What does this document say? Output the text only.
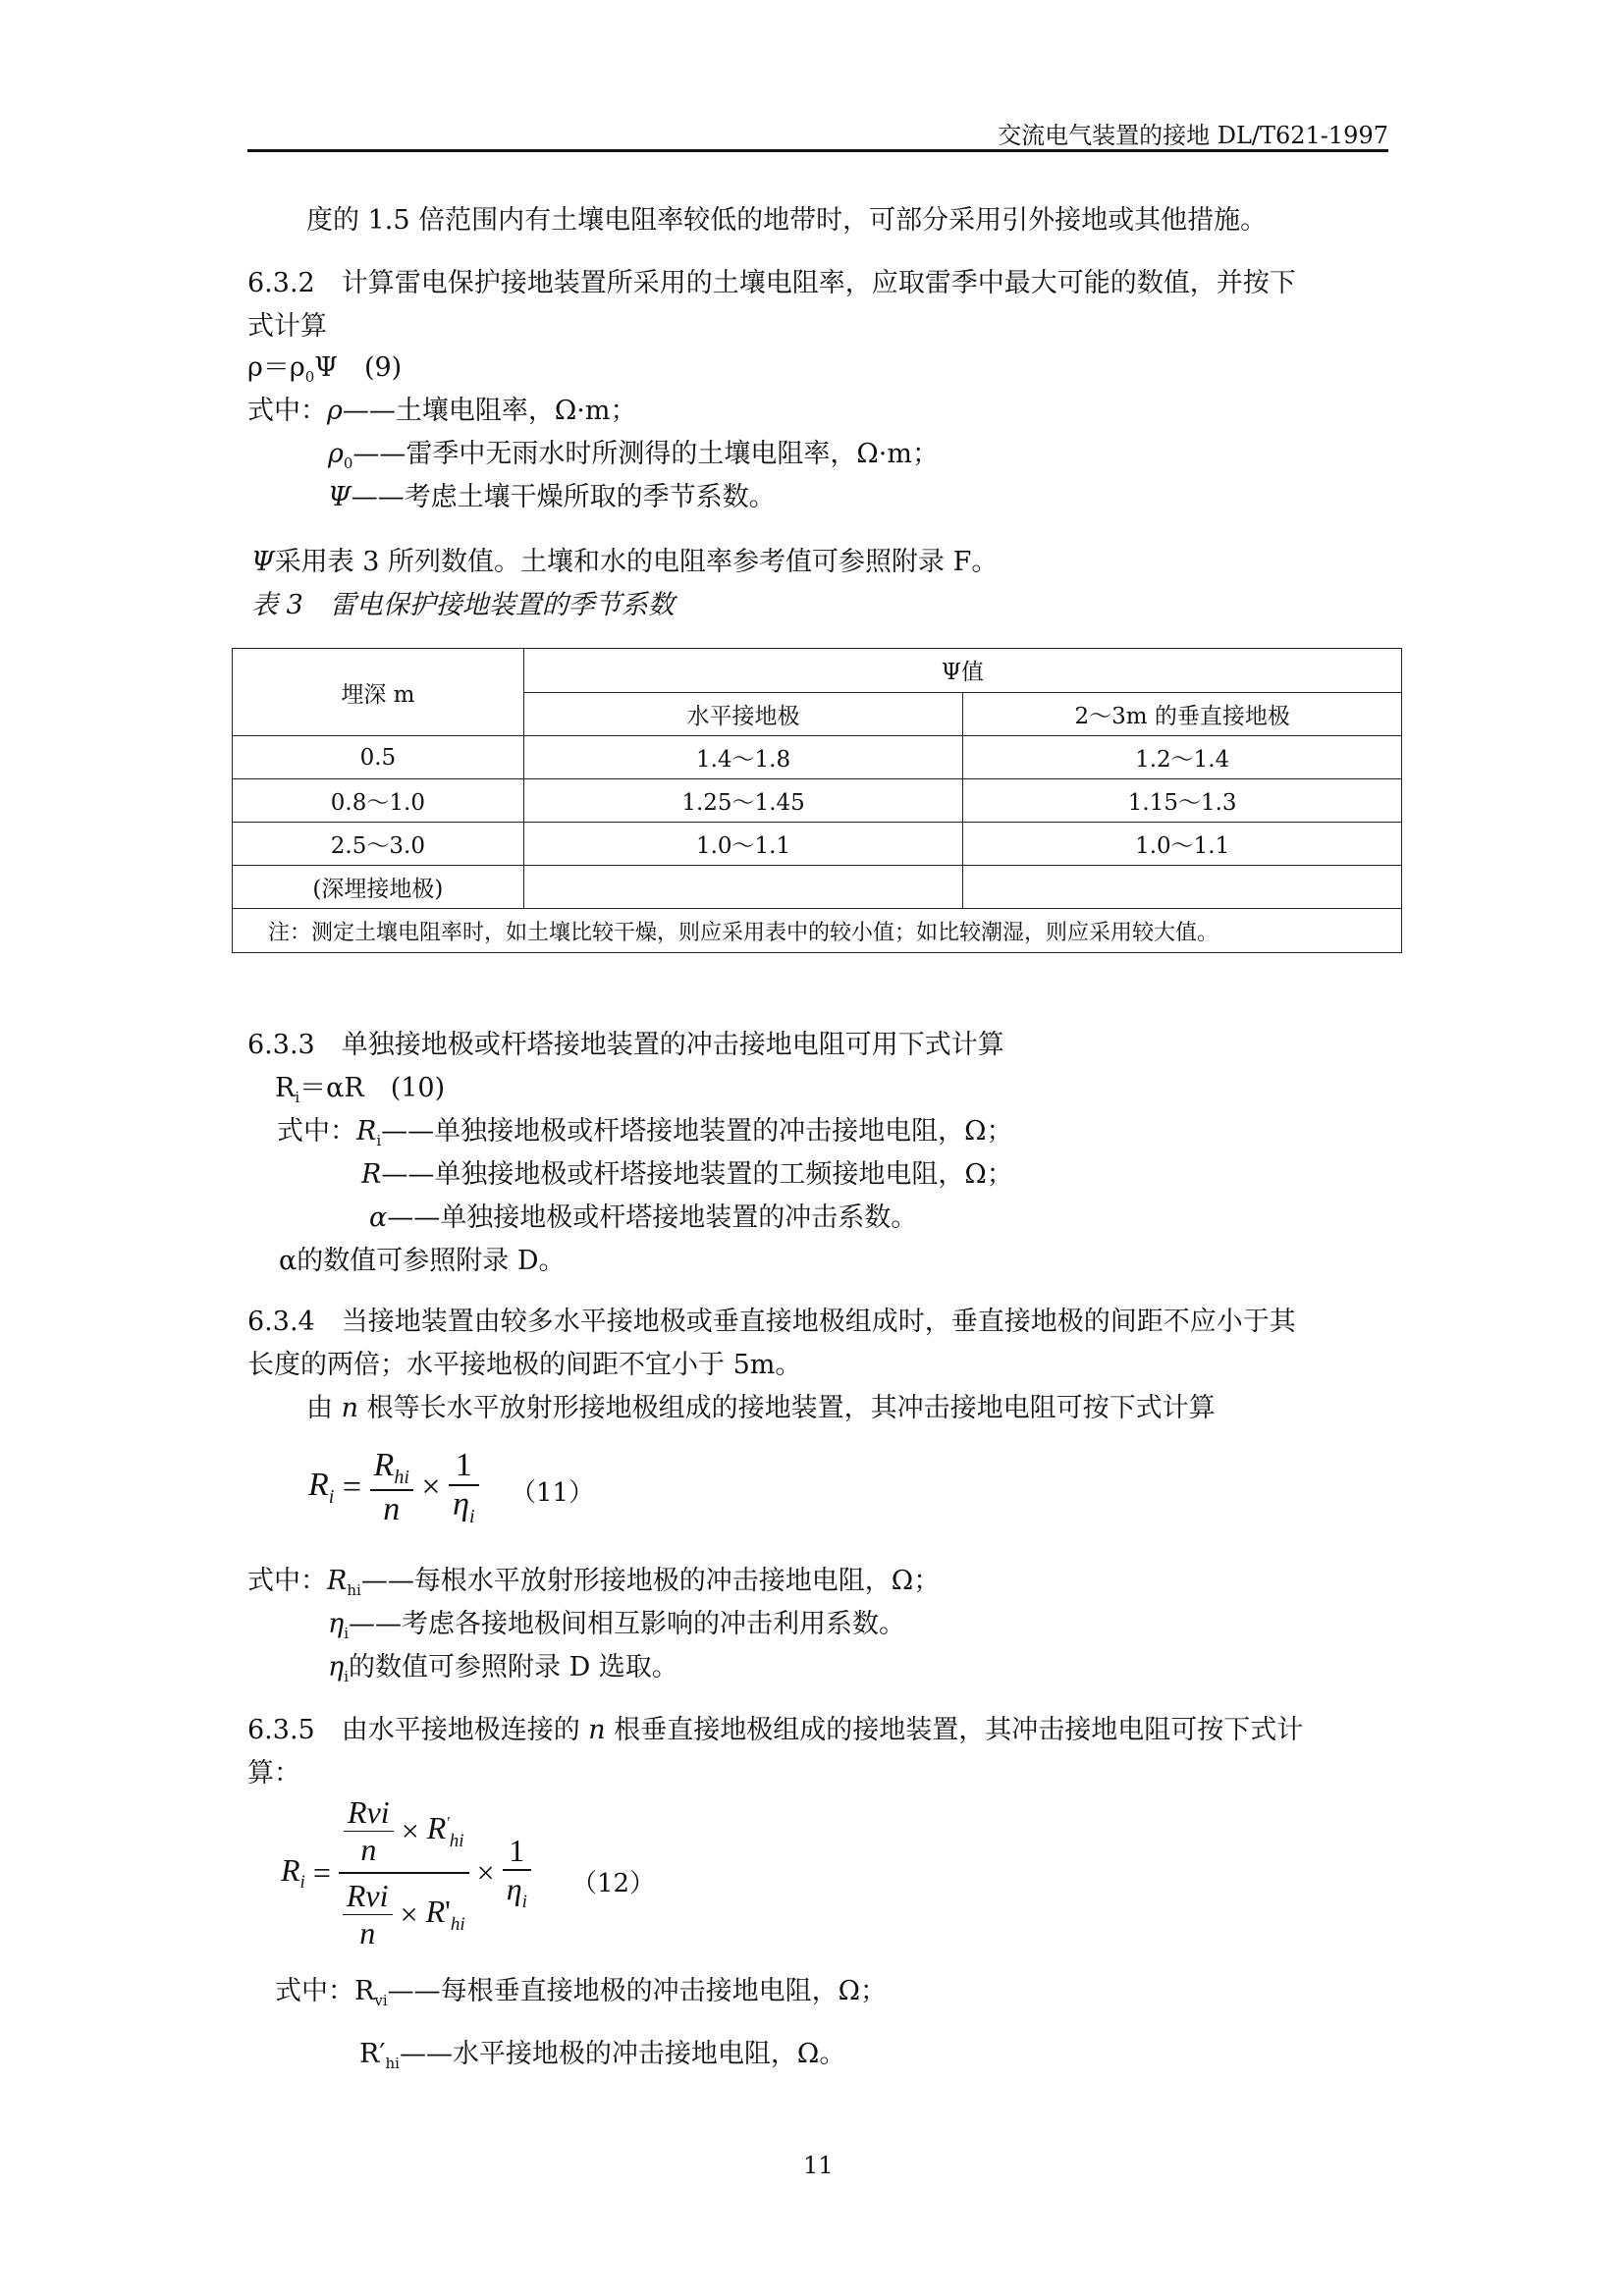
交流电气装置的接地 DL/T621-1997
度的 1.5 倍范围内有土壤电阻率较低的地带时，可部分采用引外接地或其他措施。
6.3.2　计算雷电保护接地装置所采用的土壤电阻率，应取雷季中最大可能的数值，并按下
式计算
$\rho=\rho_0\Psi$　(9)
式中：ρ——土壤电阻率，Ω·m；
$\rho_0——$雷季中无雨水时所测得的土壤电阻率，Ω·m；
Ψ——考虑土壤干燥所取的季节系数。
Ψ采用表 3 所列数值。土壤和水的电阻率参考值可参照附录 F。
表 3　雷电保护接地装置的季节系数
埋深 m	Ψ值	
	水平接地极	2～3m 的垂直接地极
0.5	1.4～1.8	1.2～1.4
0.8～1.0	1.25～1.45	1.15～1.3
2.5～3.0	1.0～1.1	1.0～1.1
(深埋接地极)		
注：测定土壤电阻率时，如土壤比较干燥，则应采用表中的较小值；如比较潮湿，则应采用较大值。		
6.3.3　单独接地极或杆塔接地装置的冲击接地电阻可用下式计算
$R_i=\alpha R$　(10)
式中：$R_i——$单独接地极或杆塔接地装置的冲击接地电阻，Ω；
R——单独接地极或杆塔接地装置的工频接地电阻，Ω；
α——单独接地极或杆塔接地装置的冲击系数。
α的数值可参照附录 D。
6.3.4　当接地装置由较多水平接地极或垂直接地极组成时，垂直接地极的间距不应小于其
长度的两倍；水平接地极的间距不宜小于 5m。
由 n 根等长水平放射形接地极组成的接地装置，其冲击接地电阻可按下式计算
$R_i = \frac{R_{hi}}{n} \times \frac{1}{\eta_i} (11)$
式中：$R_{hi}——$每根水平放射形接地极的冲击接地电阻，Ω；
$\eta_i——$考虑各接地极间相互影响的冲击利用系数。
$\eta_i$的数值可参照附录 D 选取。
6.3.5　由水平接地极连接的 n 根垂直接地极组成的接地装置，其冲击接地电阻可按下式计
算：
$R_i = \frac{\frac{\text{Rvi}}{n} \times R'_{hi}}{\frac{\text{Rvi}}{n} \times R'_{hi}} \times \frac{1}{\eta_i} (12)$
式中：$R_{vi}——$每根垂直接地极的冲击接地电阻，Ω；
$R'_{hi}——$水平接地极的冲击接地电阻，Ω。
11
